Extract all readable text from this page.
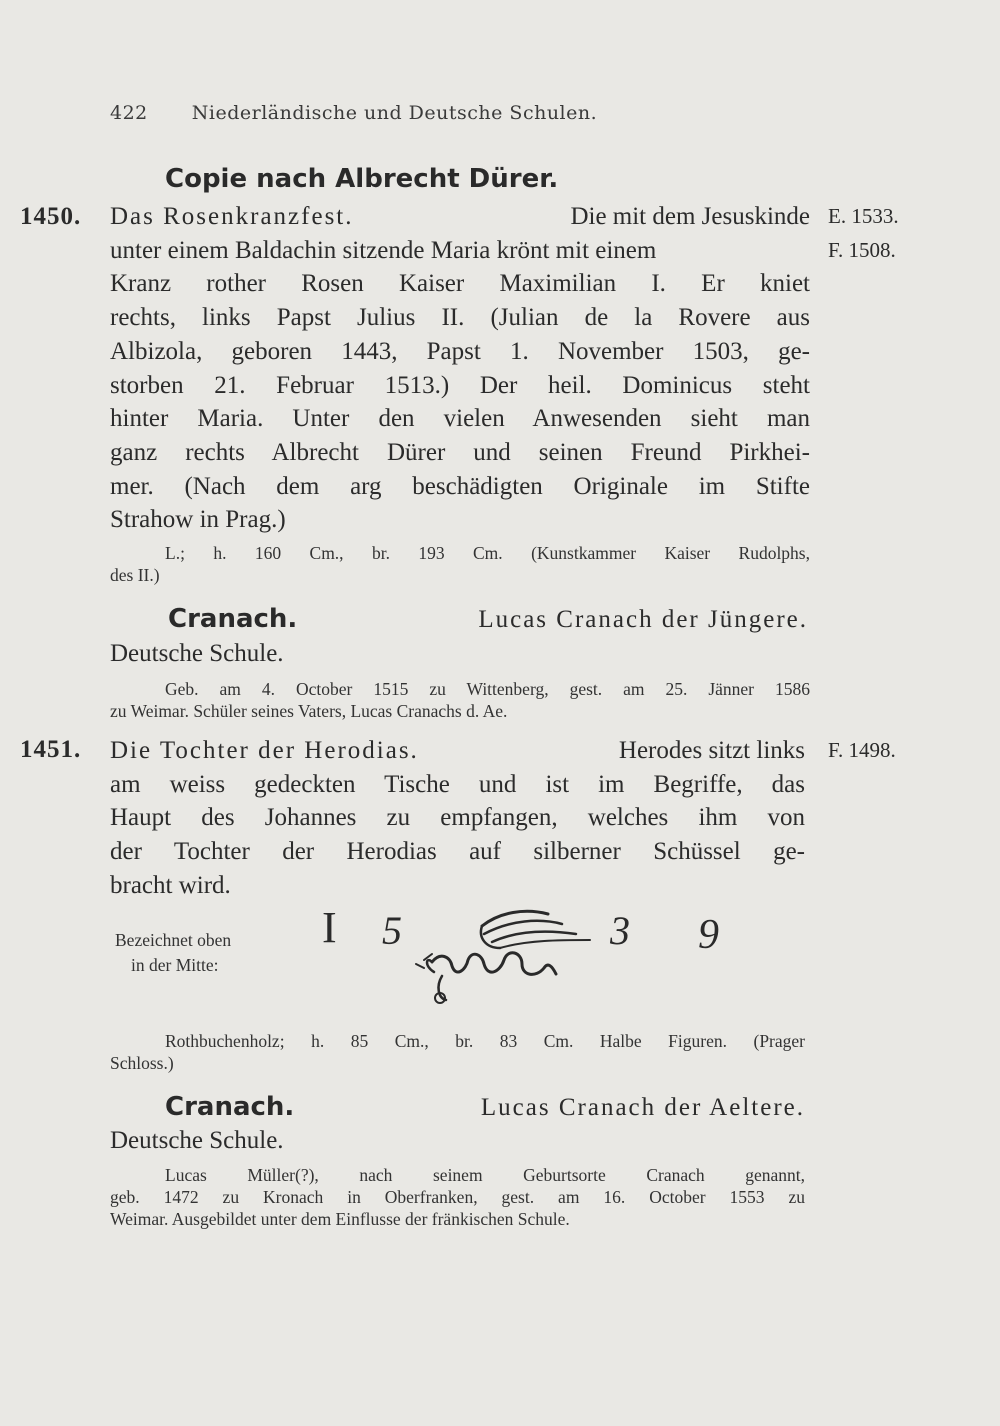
422 Niederländische und Deutsche Schulen.
Copie nach Albrecht Dürer.
1450. Das Rosenkranzfest.	Die mit dem Jesuskinde
unter einem Baldachin sitzende Maria krönt mit einem
Kranz rother Rosen Kaiser Maximilian I. Er kniet
rechts, links Papst Julius II. (Julian de la Rovere aus
Albizola, geboren 1443, Papst 1. November 1503, ge-
storben 21. Februar 1513.) Der heil. Dominicus steht
hinter Maria. Unter den vielen Anwesenden sieht man
ganz rechts Albrecht Dürer und seinen Freund Pirkhei-
mer. (Nach dem arg beschädigten Originale im Stifte
Strahow in Prag.)
E. 1533.
F. 1508.
L.; h. 160 Cm., br. 193 Cm. (Kunstkammer Kaiser Rudolphs,
des II.)
Cranach.	Lucas Cranach der Jüngere.
Deutsche Schule.
Geb. am 4. October 1515 zu Wittenberg, gest. am 25. Jänner 1586
zu Weimar. Schüler seines Vaters, Lucas Cranachs d. Ae.
1451. Die Tochter der Herodias.	Herodes sitzt links
am weiss gedeckten Tische und ist im Begriffe, das
Haupt des Johannes zu empfangen, welches ihm von
der Tochter der Herodias auf silberner Schüssel ge-
bracht wird.
F. 1498.
Bezeichnet oben
in der Mitte:
I 5	3 9
Rothbuchenholz; h. 85 Cm., br. 83 Cm. Halbe Figuren. (Prager
Schloss.)
Cranach.	Lucas Cranach der Aeltere.
Deutsche Schule.
Lucas Müller(?), nach seinem Geburtsorte Cranach genannt,
geb. 1472 zu Kronach in Oberfranken, gest. am 16. October 1553 zu
Weimar. Ausgebildet unter dem Einflusse der fränkischen Schule.
